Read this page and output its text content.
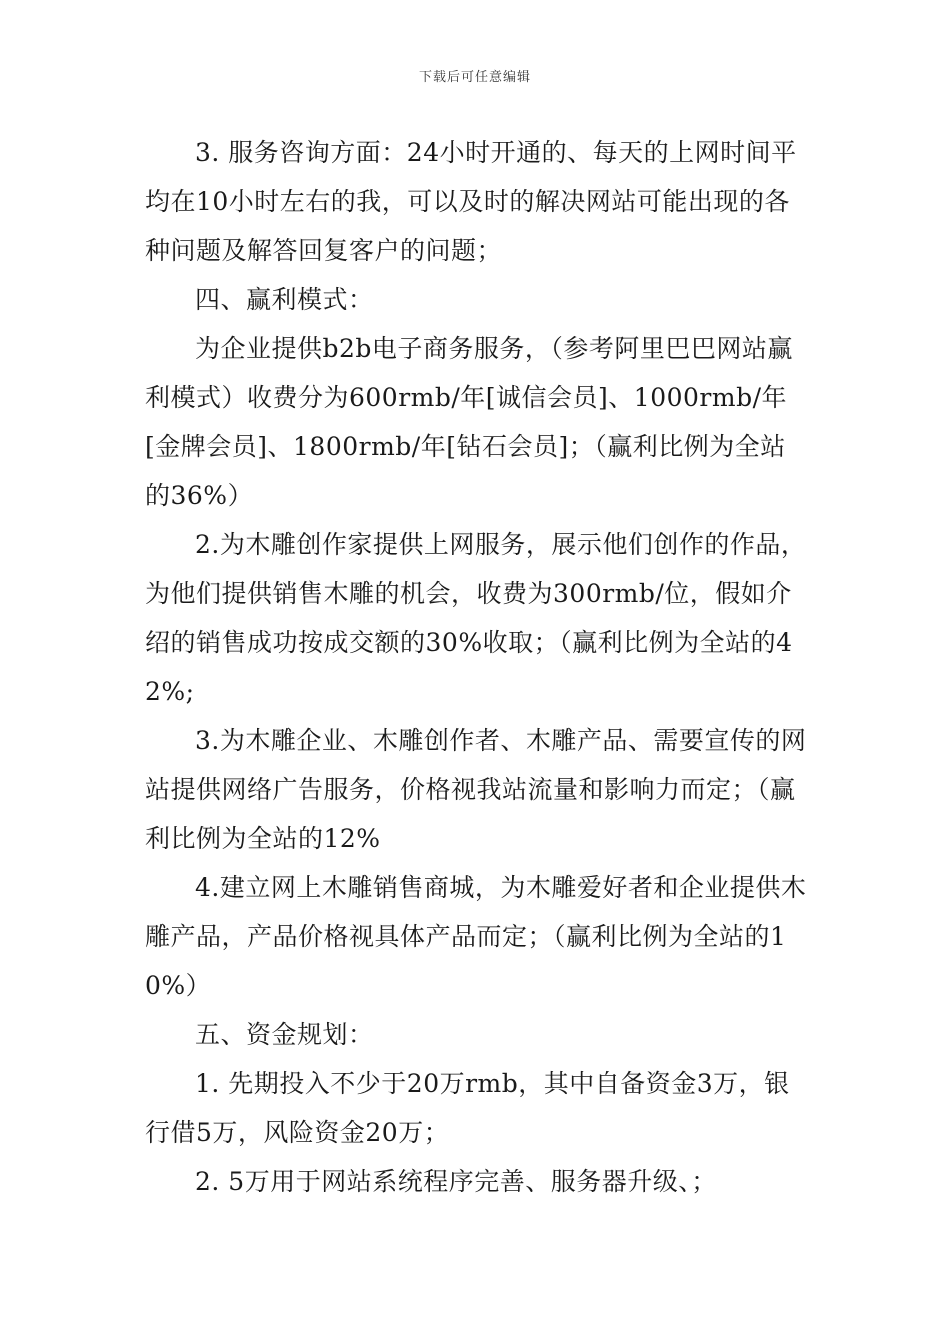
下载后可任意编辑

3. 服务咨询方面：24小时开通的、每天的上网时间平均在10小时左右的我，可以及时的解决网站可能出现的各种问题及解答回复客户的问题；

四、赢利模式：

为企业提供b2b电子商务服务，（参考阿里巴巴网站赢利模式）收费分为600rmb/年[诚信会员]、1000rmb/年[金牌会员]、1800rmb/年[钻石会员]；（赢利比例为全站的36%）

2.为木雕创作家提供上网服务，展示他们创作的作品，为他们提供销售木雕的机会，收费为300rmb/位，假如介绍的销售成功按成交额的30%收取；（赢利比例为全站的42%;

3.为木雕企业、木雕创作者、木雕产品、需要宣传的网站提供网络广告服务，价格视我站流量和影响力而定；（赢利比例为全站的12%

4.建立网上木雕销售商城，为木雕爱好者和企业提供木雕产品，产品价格视具体产品而定；（赢利比例为全站的10%）

五、资金规划：

1. 先期投入不少于20万rmb，其中自备资金3万，银行借5万，风险资金20万；

2. 5万用于网站系统程序完善、服务器升级、；
